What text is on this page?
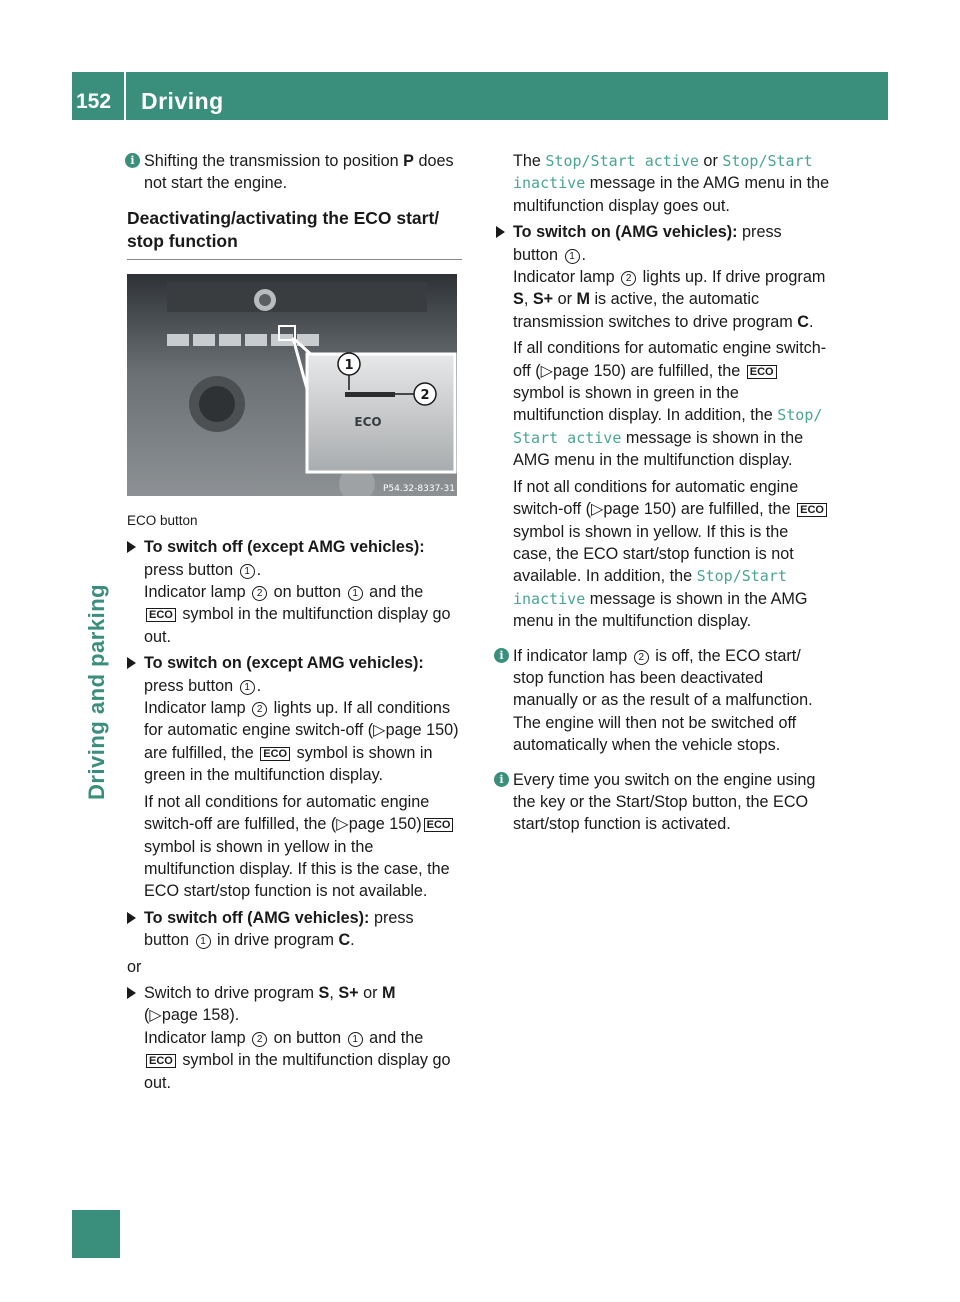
152 Driving
Driving and parking

i Shifting the transmission to position P does not start the engine.

Deactivating/activating the ECO start/ stop function
1
2
ECO
P54.32-8337-31
ECO button
To switch off (except AMG vehicles):
press button 1 .
Indicator lamp 2 on button 1 and the
ECO symbol in the multifunction display go out.
To switch on (except AMG vehicles):
press button 1 .
Indicator lamp 2 lights up. If all conditions for automatic engine switch-off (▷page 150) are fulfilled, the ECO symbol is shown in green in the multifunction display.

If not all conditions for automatic engine switch-off are fulfilled, the (▷page 150) ECO symbol is shown in yellow in the multifunction display. If this is the case, the ECO start/stop function is not available.

To switch off (AMG vehicles): press button 1 in drive program C.

or

Switch to drive program S, S+ or M
(▷page 158).
Indicator lamp 2 on button 1 and the
ECO symbol in the multifunction display go out.

The Stop/Start active or Stop/Start inactive message in the AMG menu in the multifunction display goes out.

To switch on (AMG vehicles): press button 1 .
Indicator lamp 2 lights up. If drive program S, S+ or M is active, the automatic transmission switches to drive program C.

If all conditions for automatic engine switch-off (▷page 150) are fulfilled, the ECO symbol is shown in green in the multifunction display. In addition, the Stop/ Start active message is shown in the AMG menu in the multifunction display.

If not all conditions for automatic engine switch-off (▷page 150) are fulfilled, the ECO symbol is shown in yellow. If this is the case, the ECO start/stop function is not available. In addition, the Stop/Start inactive message is shown in the AMG menu in the multifunction display.

i If indicator lamp 2 is off, the ECO start/ stop function has been deactivated manually or as the result of a malfunction. The engine will then not be switched off automatically when the vehicle stops.

i Every time you switch on the engine using the key or the Start/Stop button, the ECO start/stop function is activated.
